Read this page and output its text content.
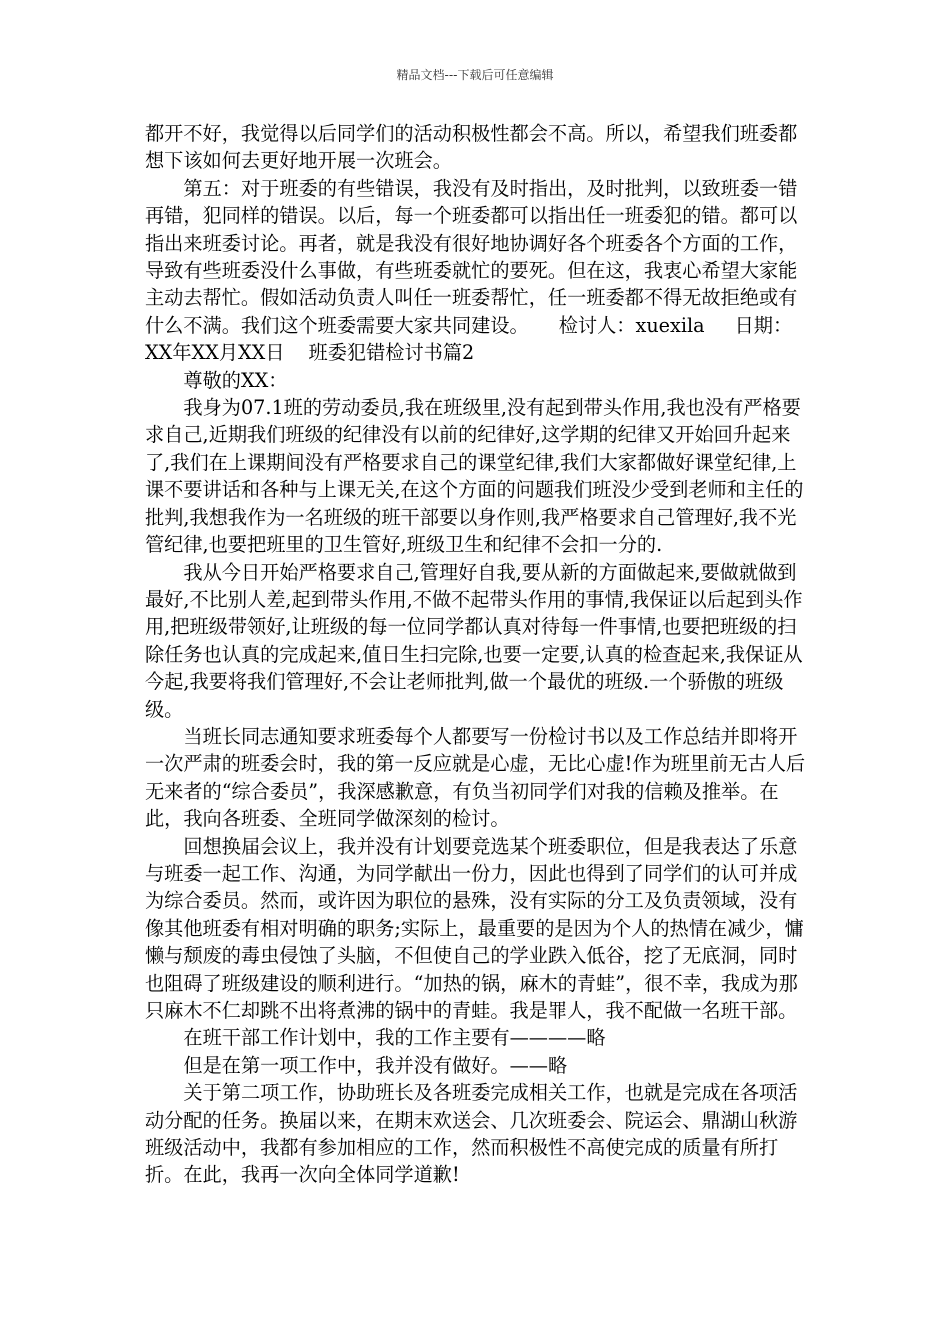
精品文档---下载后可任意编辑

都开不好，我觉得以后同学们的活动积极性都会不高。所以，希望我们班委都想下该如何去更好地开展一次班会。

第五：对于班委的有些错误，我没有及时指出，及时批判，以致班委一错再错，犯同样的错误。以后，每一个班委都可以指出任一班委犯的错。都可以指出来班委讨论。再者，就是我没有很好地协调好各个班委各个方面的工作，导致有些班委没什么事做，有些班委就忙的要死。但在这，我衷心希望大家能主动去帮忙。假如活动负责人叫任一班委帮忙，任一班委都不得无故拒绝或有什么不满。我们这个班委需要大家共同建设。 检讨人：xuexila 日期：XX年XX月XX日 班委犯错检讨书篇2

尊敬的XX：

我身为07.1班的劳动委员,我在班级里,没有起到带头作用,我也没有严格要求自己,近期我们班级的纪律没有以前的纪律好,这学期的纪律又开始回升起来了,我们在上课期间没有严格要求自己的课堂纪律,我们大家都做好课堂纪律,上课不要讲话和各种与上课无关,在这个方面的问题我们班没少受到老师和主任的批判,我想我作为一名班级的班干部要以身作则,我严格要求自己管理好,我不光管纪律,也要把班里的卫生管好,班级卫生和纪律不会扣一分的.

我从今日开始严格要求自己,管理好自我,要从新的方面做起来,要做就做到最好,不比别人差,起到带头作用,不做不起带头作用的事情,我保证以后起到头作用,把班级带领好,让班级的每一位同学都认真对待每一件事情,也要把班级的扫除任务也认真的完成起来,值日生扫完除,也要一定要,认真的检查起来,我保证从今起,我要将我们管理好,不会让老师批判,做一个最优的班级.一个骄傲的班级级。

当班长同志通知要求班委每个人都要写一份检讨书以及工作总结并即将开一次严肃的班委会时，我的第一反应就是心虚，无比心虚!作为班里前无古人后无来者的“综合委员”，我深感歉意，有负当初同学们对我的信赖及推举。在此，我向各班委、全班同学做深刻的检讨。

回想换届会议上，我并没有计划要竞选某个班委职位，但是我表达了乐意与班委一起工作、沟通，为同学献出一份力，因此也得到了同学们的认可并成为综合委员。然而，或许因为职位的悬殊，没有实际的分工及负责领域，没有像其他班委有相对明确的职务;实际上，最重要的是因为个人的热情在减少，慵懒与颓废的毒虫侵蚀了头脑，不但使自己的学业跌入低谷，挖了无底洞，同时也阻碍了班级建设的顺利进行。“加热的锅，麻木的青蛙”，很不幸，我成为那只麻木不仁却跳不出将煮沸的锅中的青蛙。我是罪人，我不配做一名班干部。

在班干部工作计划中，我的工作主要有————略

但是在第一项工作中，我并没有做好。——略

关于第二项工作，协助班长及各班委完成相关工作，也就是完成在各项活动分配的任务。换届以来，在期末欢送会、几次班委会、院运会、鼎湖山秋游班级活动中，我都有参加相应的工作，然而积极性不高使完成的质量有所打折。在此，我再一次向全体同学道歉!
